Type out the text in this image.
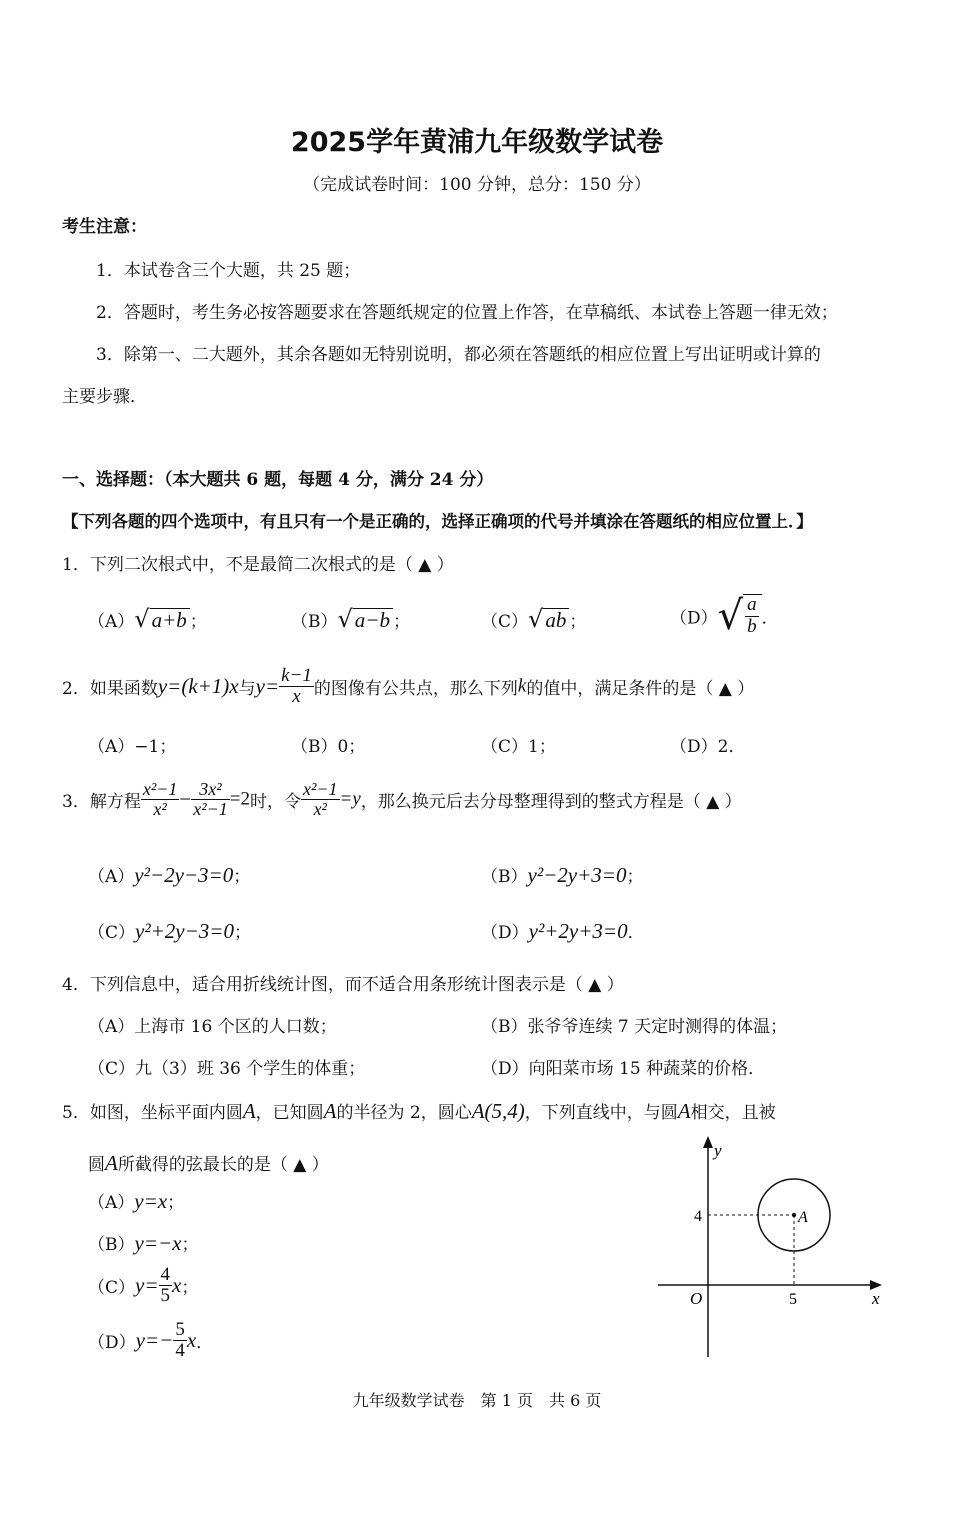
2025学年黄浦九年级数学试卷
（完成试卷时间：100 分钟，总分：150 分）
考生注意：
1．本试卷含三个大题，共 25 题；
2．答题时，考生务必按答题要求在答题纸规定的位置上作答，在草稿纸、本试卷上答题一律无效；
3．除第一、二大题外，其余各题如无特别说明，都必须在答题纸的相应位置上写出证明或计算的
主要步骤．
一、选择题：（本大题共 6 题，每题 4 分，满分 24 分）
【下列各题的四个选项中，有且只有一个是正确的，选择正确项的代号并填涂在答题纸的相应位置上．】
1．下列二次根式中，不是最简二次根式的是（ ▲ ）
（A）√a+b ；	（B）√a−b ；	（C）√ab ；	$(D)√ \frac{a}{b}$ ．
2．如果函数y=(k+1)x与$y= \frac{k-1}{x}$ 的图像有公共点，那么下列k的值中，满足条件的是（ ▲ ）
（A）−1；	（B）0；	（C）1；	（D）2．
3．解方程 $\frac{\text{x²−1}}{\text{x²}} - \frac{\text{3x²}}{\text{x²−1}} =2$时，令 $\frac{\text{x²−1}}{\text{x²}} =y$，那么换元后去分母整理得到的整式方程是（ ▲ ）
（A）y²−2y−3=0；	（B）y²−2y+3=0；
（C）y²+2y−3=0；	（D）y²+2y+3=0．
4．下列信息中，适合用折线统计图，而不适合用条形统计图表示是（ ▲ ）
（A）上海市 16 个区的人口数；	（B）张爷爷连续 7 天定时测得的体温；
（C）九（3）班 36 个学生的体重；	（D）向阳菜市场 15 种蔬菜的价格．
5．如图，坐标平面内圆A，已知圆A的半径为 2，圆心A(5,4)，下列直线中，与圆A相交，且被
圆A所截得的弦最长的是（ ▲ ）
（A）y=x；
（B）y=−x；
$(C)y= \frac{4}{5}$ x；
$(D)y=- \frac{5}{4}$ x．
y
x
O
4
5
A
九年级数学试卷　第 1 页　共 6 页
